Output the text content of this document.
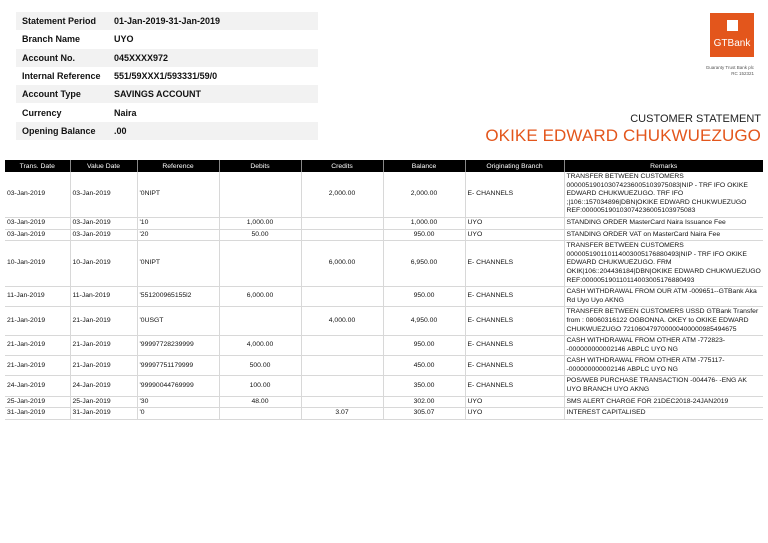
Statement Period	01-Jan-2019-31-Jan-2019
Branch Name	UYO
Account No.	045XXXX972
Internal Reference	551/59XXX1/593331/59/0
Account Type	SAVINGS ACCOUNT
Currency	Naira
Opening Balance	.00
GTBank
Guaranty Trust Bank plc
RC 152321
CUSTOMER STATEMENT
OKIKE EDWARD CHUKWUEZUGO
Trans. Date	Value Date	Reference	Debits	Credits	Balance	Originating Branch	Remarks
03-Jan-2019	03-Jan-2019	'0NIPT		2,000.00	2,000.00	E- CHANNELS	TRANSFER BETWEEN CUSTOMERS 000005190103074236005103975083|NIP - TRF IFO OKIKE EDWARD CHUKWUEZUGO. TRF IFO ;|106::157034896|DBN|OKIKE EDWARD CHUKWUEZUGO REF:000005190103074236005103975083
03-Jan-2019	03-Jan-2019	'10	1,000.00		1,000.00	UYO	STANDING ORDER MasterCard Naira Issuance Fee
03-Jan-2019	03-Jan-2019	'20	50.00		950.00	UYO	STANDING ORDER VAT on MasterCard Naira Fee
10-Jan-2019	10-Jan-2019	'0NIPT		6,000.00	6,950.00	E- CHANNELS	TRANSFER BETWEEN CUSTOMERS 000005190110114003005176880493|NIP - TRF IFO OKIKE EDWARD CHUKWUEZUGO. FRM OKIK|106::204436184|DBN|OKIKE EDWARD CHUKWUEZUGO REF:000005190110114003005176880493
11-Jan-2019	11-Jan-2019	'551200965155l2	6,000.00		950.00	E- CHANNELS	CASH WITHDRAWAL FROM OUR ATM -009651--GTBank Aka Rd Uyo Uyo AKNG
21-Jan-2019	21-Jan-2019	'0USGT		4,000.00	4,950.00	E- CHANNELS	TRANSFER BETWEEN CUSTOMERS USSD GTBank Transfer from : 08060316122 OGBONNA. OKEY to OKIKE EDWARD CHUKWUEZUGO 721060479700000400000985494675
21-Jan-2019	21-Jan-2019	'99997728239999	4,000.00		950.00	E- CHANNELS	CASH WITHDRAWAL FROM OTHER ATM -772823--000000000002146 ABPLC UYO NG
21-Jan-2019	21-Jan-2019	'99997751179999	500.00		450.00	E- CHANNELS	CASH WITHDRAWAL FROM OTHER ATM -775117--000000000002146 ABPLC UYO NG
24-Jan-2019	24-Jan-2019	'99990044769999	100.00		350.00	E- CHANNELS	POS/WEB PURCHASE TRANSACTION -004476- -ENG AK UYO BRANCH UYO AKNG
25-Jan-2019	25-Jan-2019	'30	48.00		302.00	UYO	SMS ALERT CHARGE FOR 21DEC2018-24JAN2019
31-Jan-2019	31-Jan-2019	'0		3.07	305.07	UYO	INTEREST CAPITALISED
